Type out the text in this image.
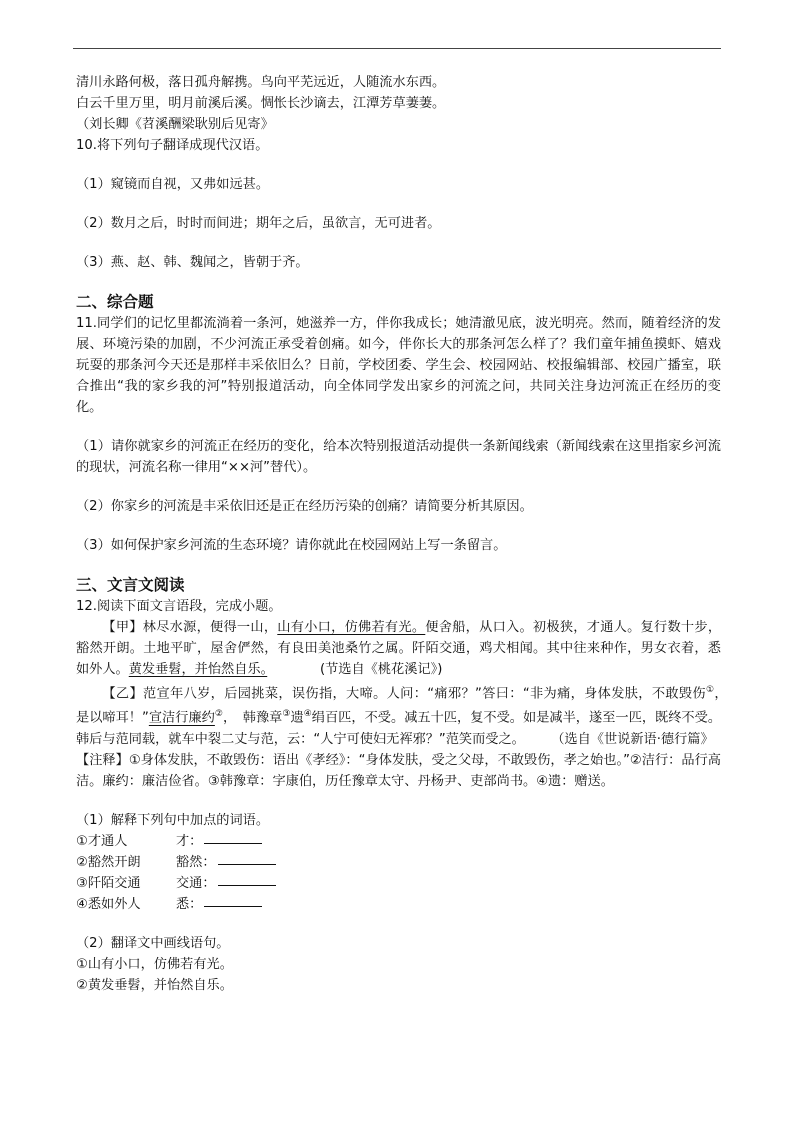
清川永路何极，落日孤舟解携。鸟向平芜远近，人随流水东西。
白云千里万里，明月前溪后溪。惆怅长沙谪去，江潭芳草萋萋。
（刘长卿《苕溪酬梁耿别后见寄》
10.将下列句子翻译成现代汉语。
（1）窥镜而自视，又弗如远甚。
（2）数月之后，时时而间进；期年之后，虽欲言，无可进者。
（3）燕、赵、韩、魏闻之，皆朝于齐。
二、综合题
11.同学们的记忆里都流淌着一条河，她滋养一方，伴你我成长；她清澈见底，波光明亮。然而，随着经济的发展、环境污染的加剧，不少河流正承受着创痛。如今，伴你长大的那条河怎么样了？我们童年捕鱼摸虾、嬉戏玩耍的那条河今天还是那样丰采依旧么？日前，学校团委、学生会、校园网站、校报编辑部、校园广播室，联合推出“我的家乡我的河”特别报道活动，向全体同学发出家乡的河流之问，共同关注身边河流正在经历的变化。
（1）请你就家乡的河流正在经历的变化，给本次特别报道活动提供一条新闻线索（新闻线索在这里指家乡河流的现状，河流名称一律用“××河”替代）。
（2）你家乡的河流是丰采依旧还是正在经历污染的创痛？请简要分析其原因。
（3）如何保护家乡河流的生态环境？请你就此在校园网站上写一条留言。
三、文言文阅读
12.阅读下面文言语段，完成小题。
【甲】林尽水源，便得一山，山有小口，仿佛若有光。便舍船，从口入。初极狭，才通人。复行数十步，豁然开朗。土地平旷，屋舍俨然，有良田美池桑竹之属。阡陌交通，鸡犬相闻。其中往来种作，男女衣着，悉如外人。黄发垂髫，并怡然自乐。　　　　(节选自《桃花溪记》)
【乙】范宣年八岁，后园挑菜，误伤指，大啼。人问：“痛邪？”答曰：“非为痛，身体发肤，不敢毁伤①，　是以啼耳！”宣洁行廉约②，　韩豫章③遗④绢百匹，不受。减五十匹，复不受。如是减半，遂至一匹，既终不受。韩后与范同载，就车中裂二丈与范，云：“人宁可使妇无裈邪？”范笑而受之。　　　（选自《世说新语·德行篇》
【注释】①身体发肤，不敢毁伤：语出《孝经》：“身体发肤，受之父母，不敢毁伤，孝之始也。”②洁行：品行高洁。廉约：廉洁俭省。③韩豫章：字康伯，历任豫章太守、丹杨尹、吏部尚书。④遗：赠送。
（1）解释下列句中加点的词语。
①才通人	才：
②豁然开朗	豁然：
③阡陌交通	交通：
④悉如外人	悉：
（2）翻译文中画线语句。
①山有小口，仿佛若有光。
②黄发垂髫，并怡然自乐。
